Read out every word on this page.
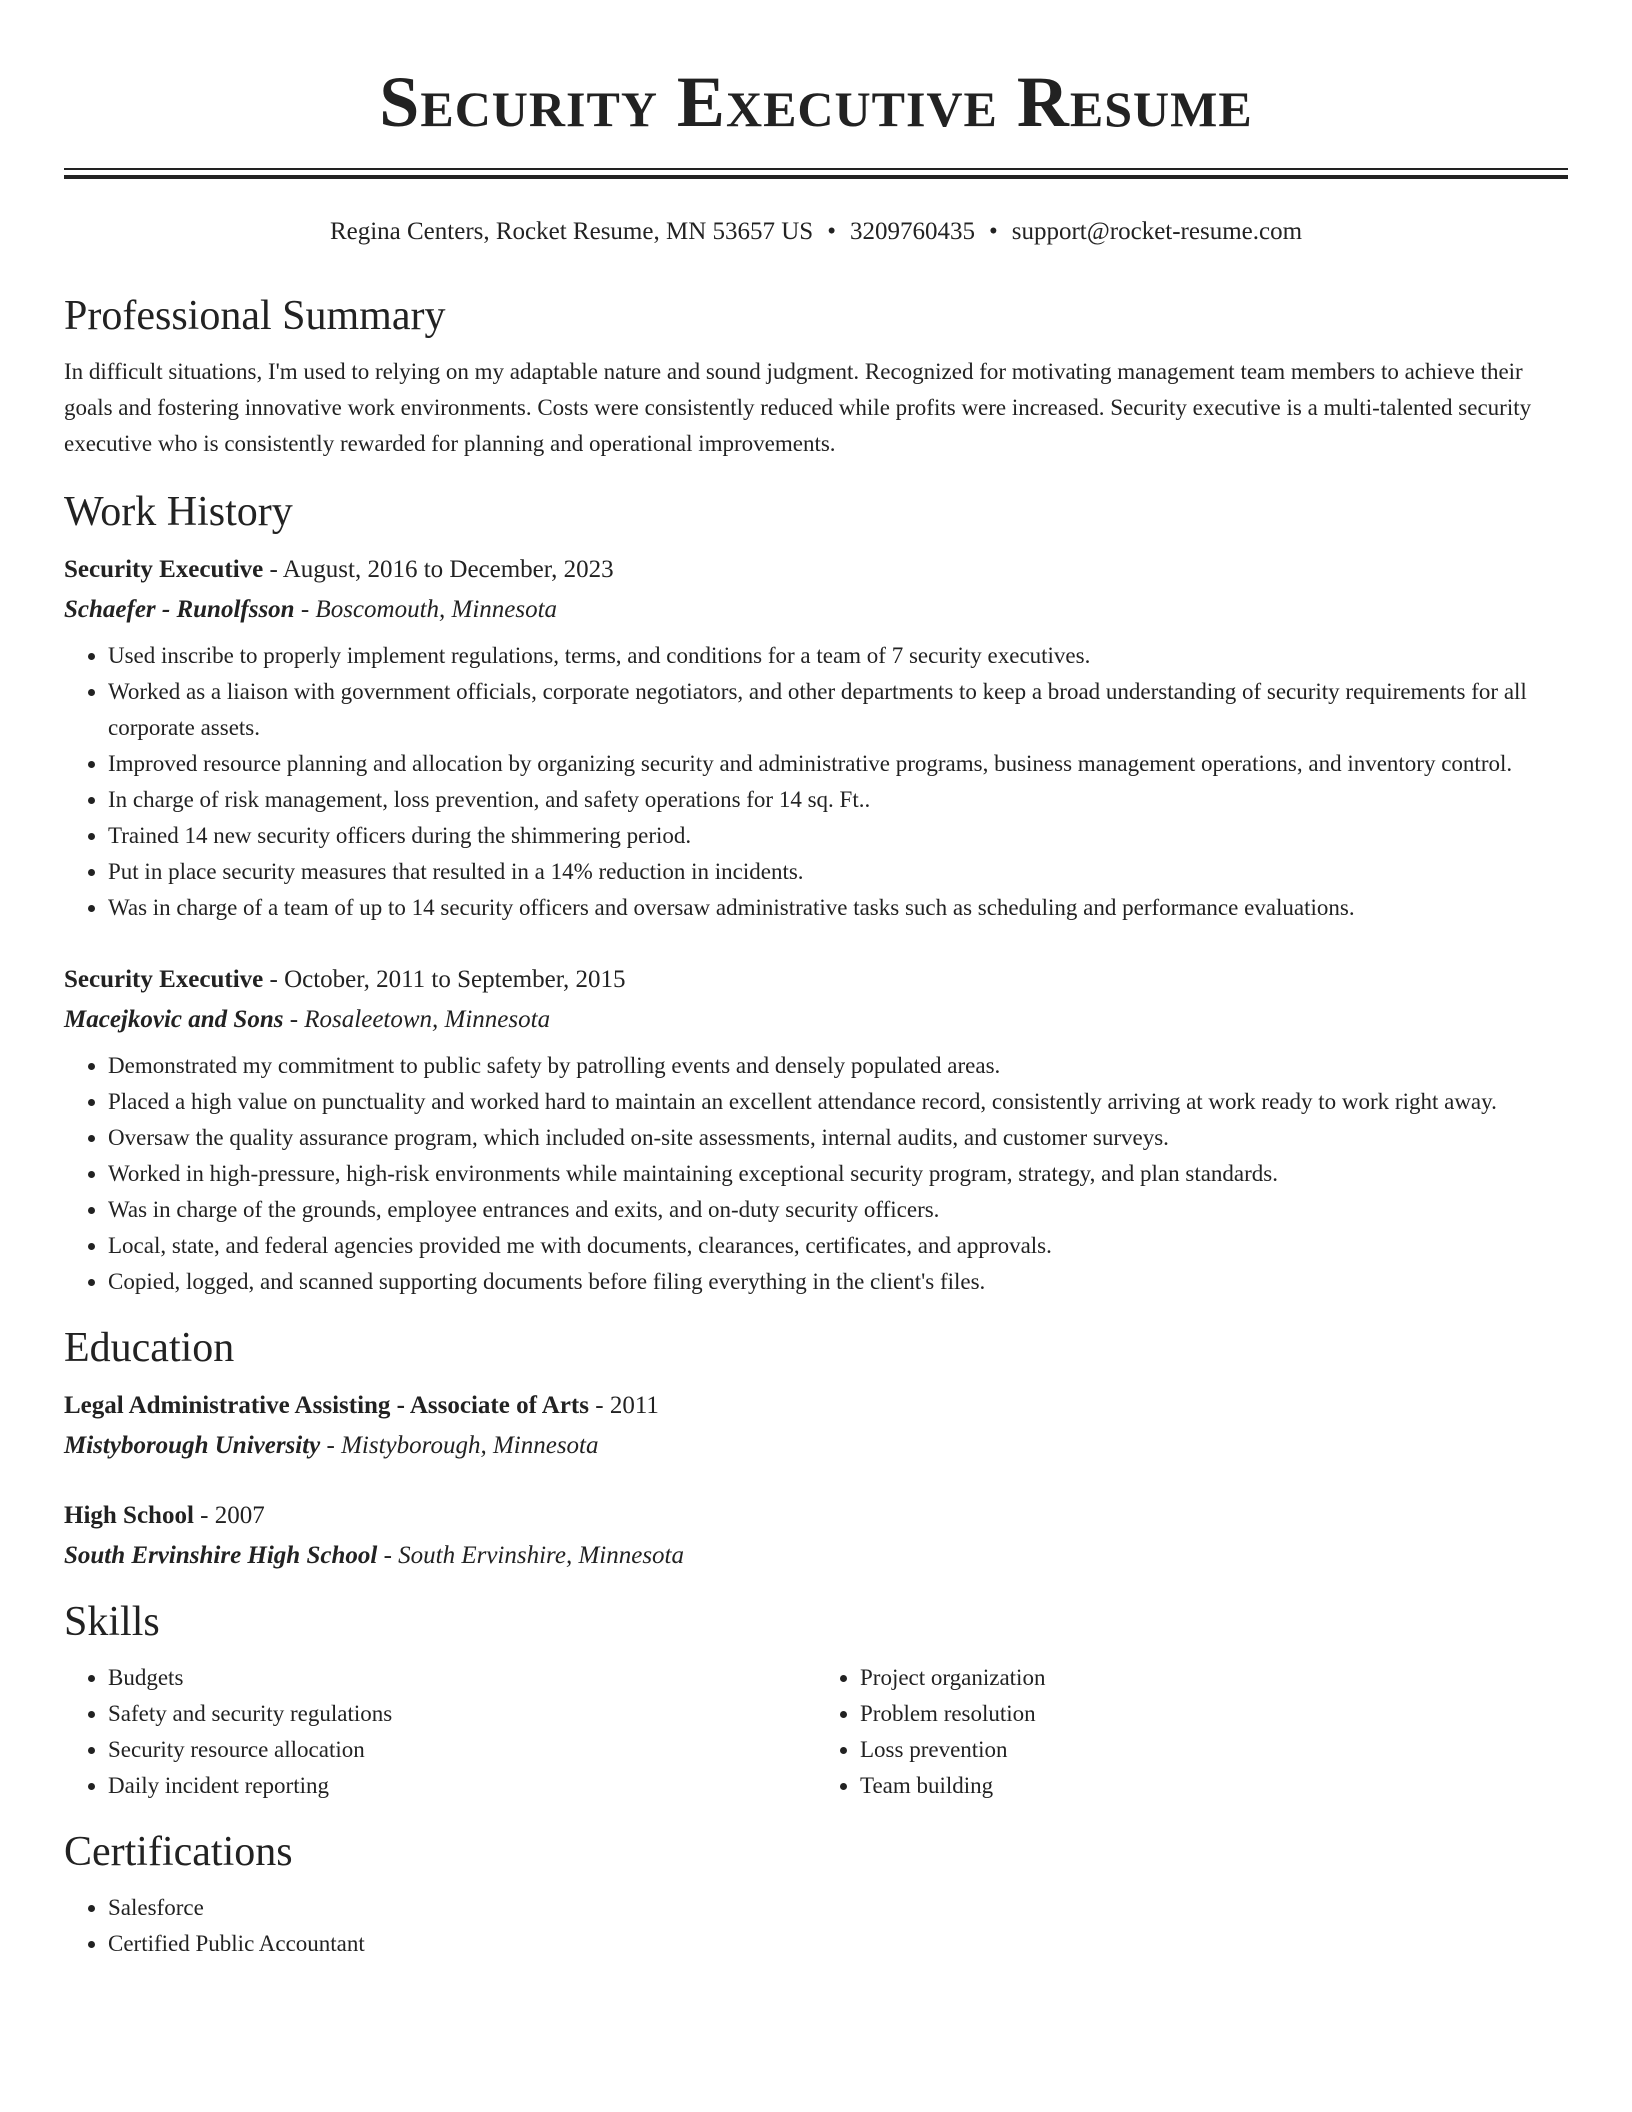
Security Executive Resume
Regina Centers, Rocket Resume, MN 53657 US • 3209760435 • support@rocket-resume.com
Professional Summary

In difficult situations, I'm used to relying on my adaptable nature and sound judgment. Recognized for motivating management team members to achieve their goals and fostering innovative work environments. Costs were consistently reduced while profits were increased. Security executive is a multi-talented security executive who is consistently rewarded for planning and operational improvements.

Work History
Security Executive - August, 2016 to December, 2023
Schaefer - Runolfsson - Boscomouth, Minnesota
• Used inscribe to properly implement regulations, terms, and conditions for a team of 7 security executives.
• Worked as a liaison with government officials, corporate negotiators, and other departments to keep a broad understanding of security requirements for all corporate assets.
• Improved resource planning and allocation by organizing security and administrative programs, business management operations, and inventory control.
• In charge of risk management, loss prevention, and safety operations for 14 sq. Ft..
• Trained 14 new security officers during the shimmering period.
• Put in place security measures that resulted in a 14% reduction in incidents.
• Was in charge of a team of up to 14 security officers and oversaw administrative tasks such as scheduling and performance evaluations.
Security Executive - October, 2011 to September, 2015
Macejkovic and Sons - Rosaleetown, Minnesota
• Demonstrated my commitment to public safety by patrolling events and densely populated areas.
• Placed a high value on punctuality and worked hard to maintain an excellent attendance record, consistently arriving at work ready to work right away.
• Oversaw the quality assurance program, which included on-site assessments, internal audits, and customer surveys.
• Worked in high-pressure, high-risk environments while maintaining exceptional security program, strategy, and plan standards.
• Was in charge of the grounds, employee entrances and exits, and on-duty security officers.
• Local, state, and federal agencies provided me with documents, clearances, certificates, and approvals.
• Copied, logged, and scanned supporting documents before filing everything in the client's files.
Education
Legal Administrative Assisting - Associate of Arts - 2011
Mistyborough University - Mistyborough, Minnesota
High School - 2007
South Ervinshire High School - South Ervinshire, Minnesota
Skills
• Budgets
• Safety and security regulations
• Security resource allocation
• Daily incident reporting
• Project organization
• Problem resolution
• Loss prevention
• Team building
Certifications
• Salesforce
• Certified Public Accountant
